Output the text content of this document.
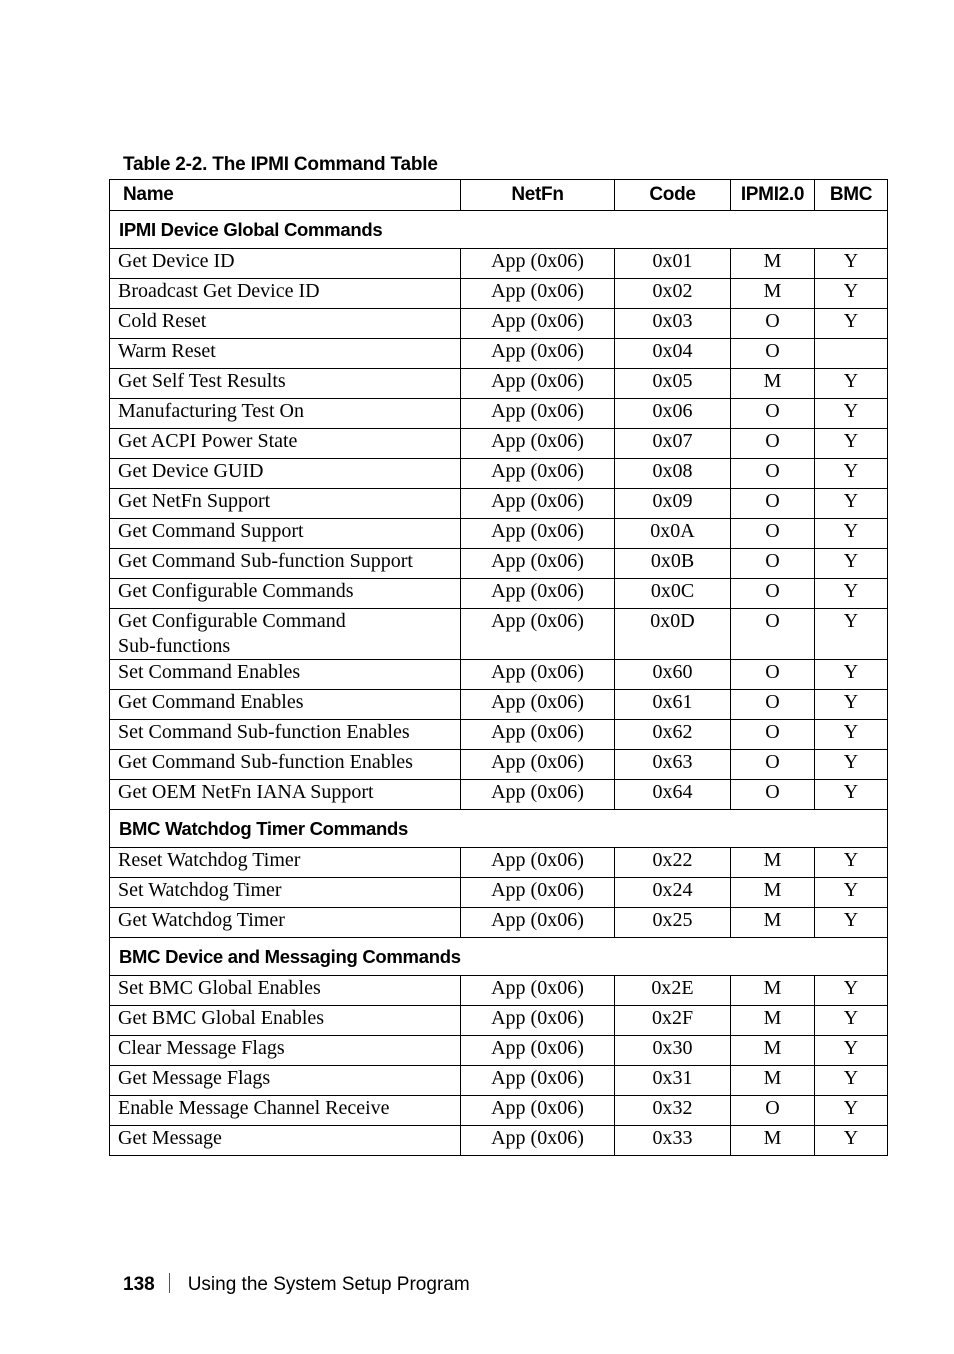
Table 2-2. The IPMI Command Table
Name	NetFn	Code	IPMI2.0	BMC
IPMI Device Global Commands				
Get Device ID	App (0x06)	0x01	M	Y
Broadcast Get Device ID	App (0x06)	0x02	M	Y
Cold Reset	App (0x06)	0x03	O	Y
Warm Reset	App (0x06)	0x04	O	
Get Self Test Results	App (0x06)	0x05	M	Y
Manufacturing Test On	App (0x06)	0x06	O	Y
Get ACPI Power State	App (0x06)	0x07	O	Y
Get Device GUID	App (0x06)	0x08	O	Y
Get NetFn Support	App (0x06)	0x09	O	Y
Get Command Support	App (0x06)	0x0A	O	Y
Get Command Sub-function Support	App (0x06)	0x0B	O	Y
Get Configurable Commands	App (0x06)	0x0C	O	Y
Get Configurable Command
Sub-functions	App (0x06)	0x0D	O	Y
Set Command Enables	App (0x06)	0x60	O	Y
Get Command Enables	App (0x06)	0x61	O	Y
Set Command Sub-function Enables	App (0x06)	0x62	O	Y
Get Command Sub-function Enables	App (0x06)	0x63	O	Y
Get OEM NetFn IANA Support	App (0x06)	0x64	O	Y
BMC Watchdog Timer Commands				
Reset Watchdog Timer	App (0x06)	0x22	M	Y
Set Watchdog Timer	App (0x06)	0x24	M	Y
Get Watchdog Timer	App (0x06)	0x25	M	Y
BMC Device and Messaging Commands				
Set BMC Global Enables	App (0x06)	0x2E	M	Y
Get BMC Global Enables	App (0x06)	0x2F	M	Y
Clear Message Flags	App (0x06)	0x30	M	Y
Get Message Flags	App (0x06)	0x31	M	Y
Enable Message Channel Receive	App (0x06)	0x32	O	Y
Get Message	App (0x06)	0x33	M	Y
138 Using the System Setup Program
